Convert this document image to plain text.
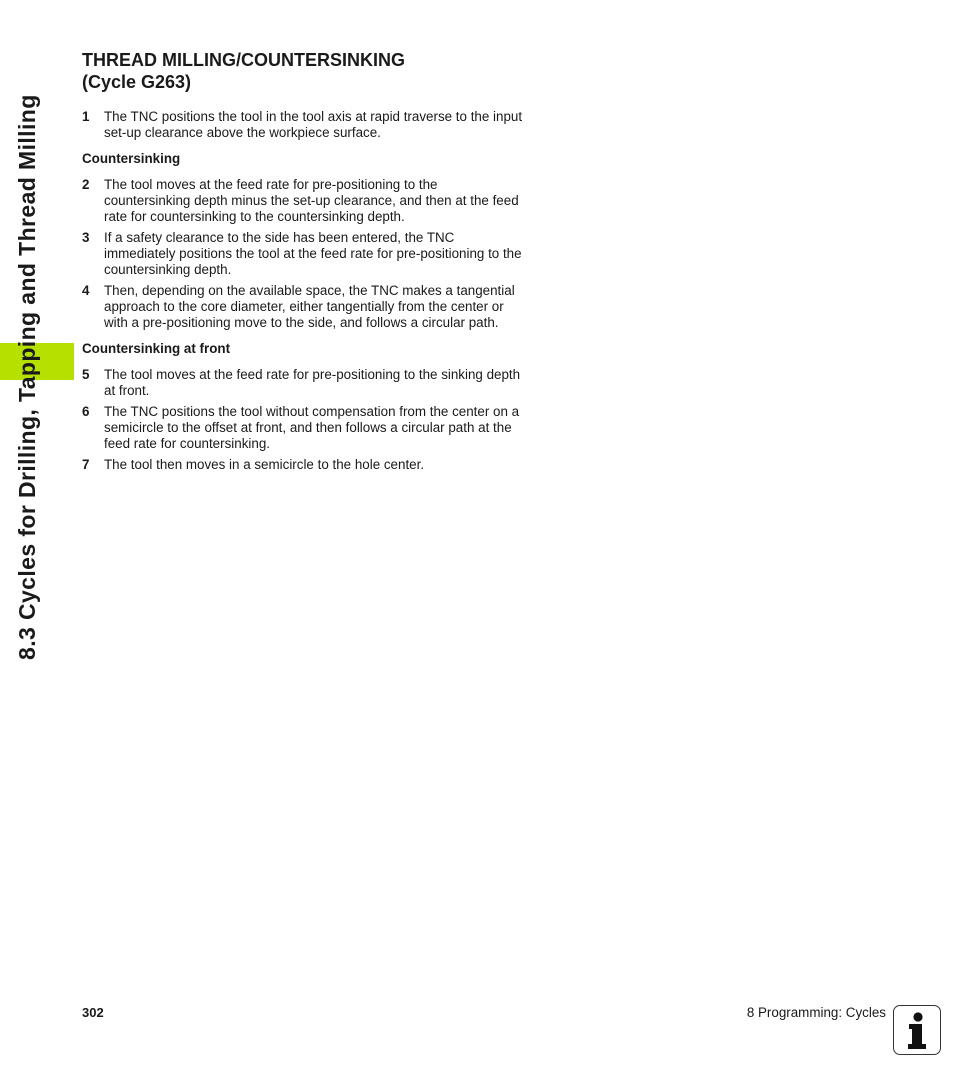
8.3 Cycles for Drilling, Tapping and Thread Milling
THREAD MILLING/COUNTERSINKING
(Cycle G263)
1	The TNC positions the tool in the tool axis at rapid traverse to the input set-up clearance above the workpiece surface.
Countersinking
2	The tool moves at the feed rate for pre-positioning to the countersinking depth minus the set-up clearance, and then at the feed rate for countersinking to the countersinking depth.
3	If a safety clearance to the side has been entered, the TNC immediately positions the tool at the feed rate for pre-positioning to the countersinking depth.
4	Then, depending on the available space, the TNC makes a tangential approach to the core diameter, either tangentially from the center or with a pre-positioning move to the side, and follows a circular path.
Countersinking at front
5	The tool moves at the feed rate for pre-positioning to the sinking depth at front.
6	The TNC positions the tool without compensation from the center on a semicircle to the offset at front, and then follows a circular path at the feed rate for countersinking.
7	The tool then moves in a semicircle to the hole center.
302	8 Programming: Cycles
